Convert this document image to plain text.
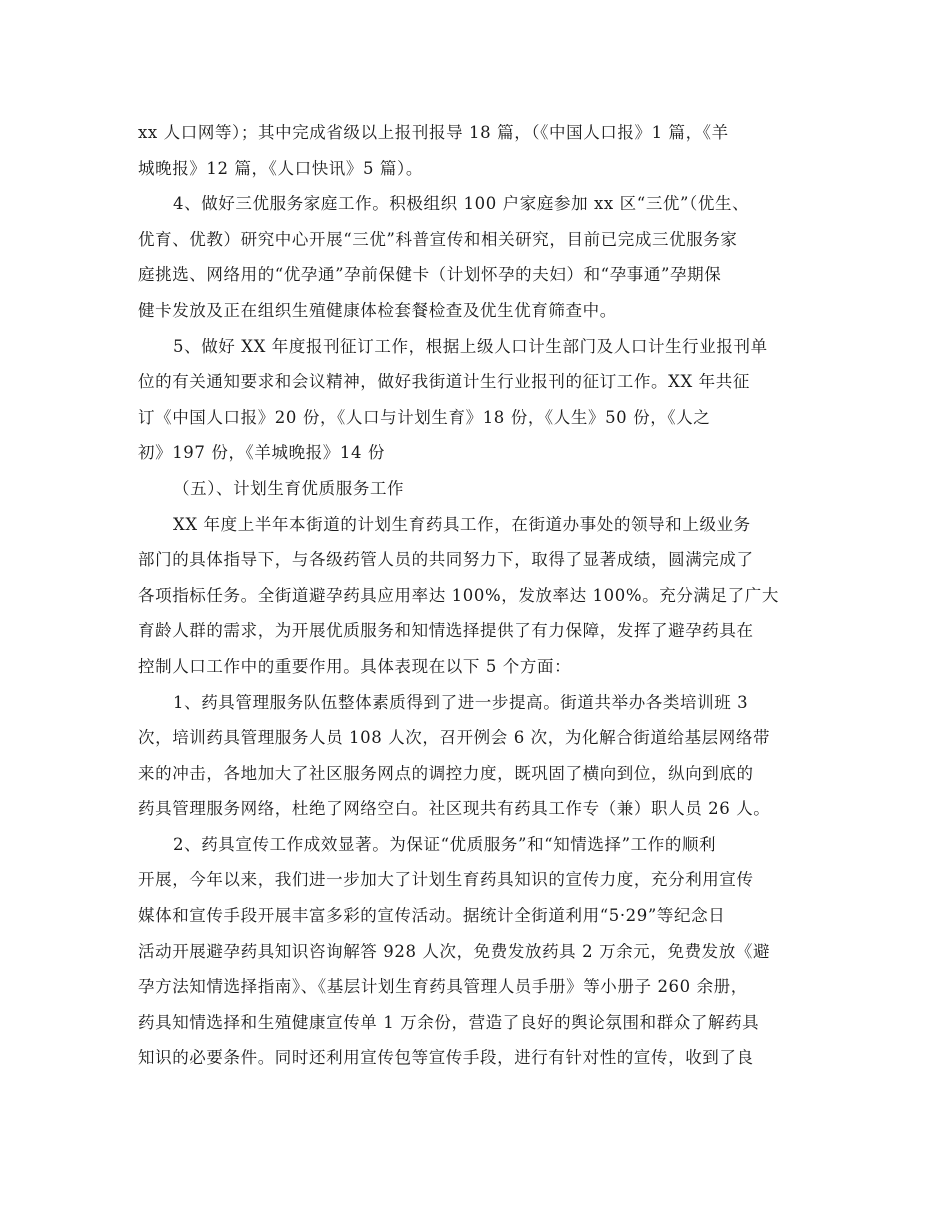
xx 人口网等）；其中完成省级以上报刊报导 18 篇，（《中国人口报》1 篇，《羊
城晚报》12 篇，《人口快讯》5 篇）。
4、做好三优服务家庭工作。积极组织 100 户家庭参加 xx 区“三优”（优生、
优育、优教）研究中心开展“三优”科普宣传和相关研究，目前已完成三优服务家
庭挑选、网络用的“优孕通”孕前保健卡（计划怀孕的夫妇）和“孕事通”孕期保
健卡发放及正在组织生殖健康体检套餐检查及优生优育筛查中。
5、做好 XX 年度报刊征订工作，根据上级人口计生部门及人口计生行业报刊单
位的有关通知要求和会议精神，做好我街道计生行业报刊的征订工作。XX 年共征
订《中国人口报》20 份，《人口与计划生育》18 份，《人生》50 份，《人之
初》197 份，《羊城晚报》14 份
（五）、计划生育优质服务工作
XX 年度上半年本街道的计划生育药具工作，在街道办事处的领导和上级业务
部门的具体指导下，与各级药管人员的共同努力下，取得了显著成绩，圆满完成了
各项指标任务。全街道避孕药具应用率达 100%，发放率达 100%。充分满足了广大
育龄人群的需求，为开展优质服务和知情选择提供了有力保障，发挥了避孕药具在
控制人口工作中的重要作用。具体表现在以下 5 个方面：
1、药具管理服务队伍整体素质得到了进一步提高。街道共举办各类培训班 3
次，培训药具管理服务人员 108 人次，召开例会 6 次，为化解合街道给基层网络带
来的冲击，各地加大了社区服务网点的调控力度，既巩固了横向到位，纵向到底的
药具管理服务网络，杜绝了网络空白。社区现共有药具工作专（兼）职人员 26 人。
2、药具宣传工作成效显著。为保证“优质服务”和“知情选择”工作的顺利
开展，今年以来，我们进一步加大了计划生育药具知识的宣传力度，充分利用宣传
媒体和宣传手段开展丰富多彩的宣传活动。据统计全街道利用“5·29”等纪念日
活动开展避孕药具知识咨询解答 928 人次，免费发放药具 2 万余元，免费发放《避
孕方法知情选择指南》、《基层计划生育药具管理人员手册》等小册子 260 余册，
药具知情选择和生殖健康宣传单 1 万余份，营造了良好的舆论氛围和群众了解药具
知识的必要条件。同时还利用宣传包等宣传手段，进行有针对性的宣传，收到了良
